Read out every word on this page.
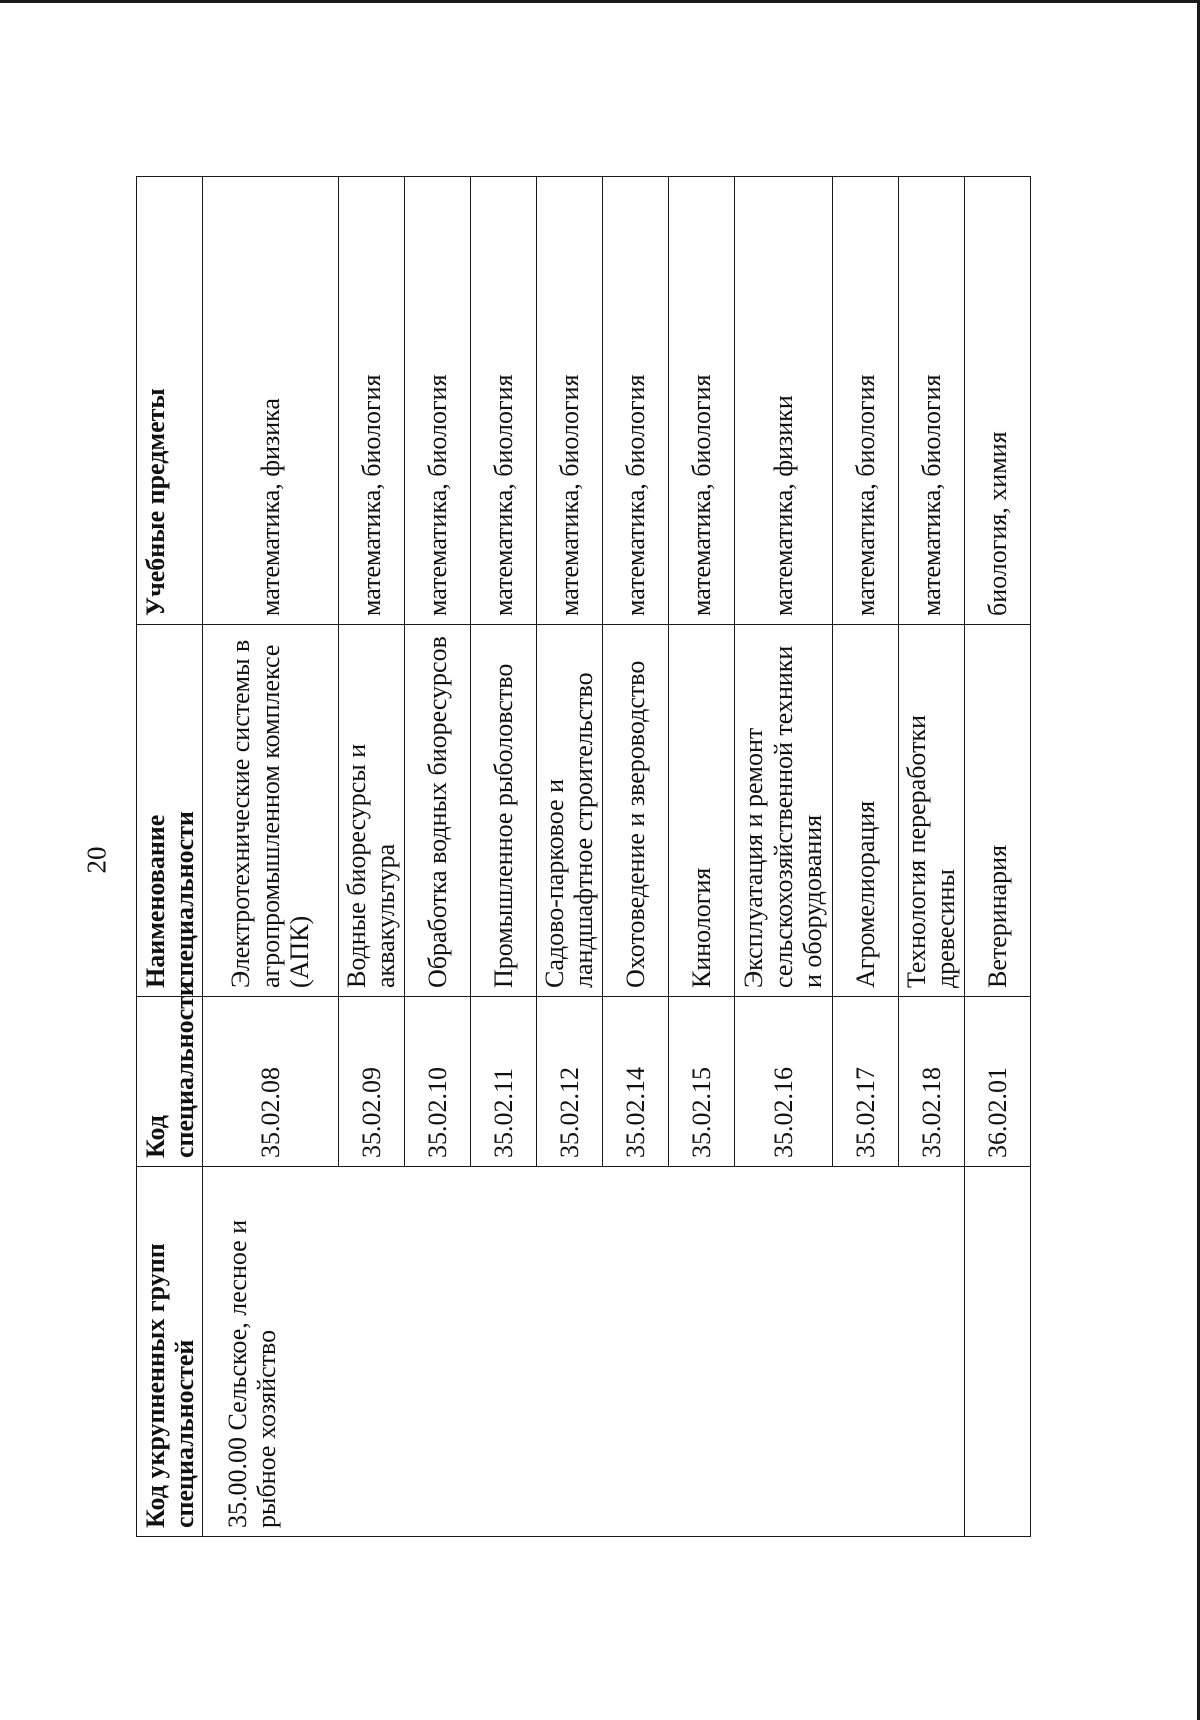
20
Код укрупненных групп специальностей	Код специальности	Наименование специальности	Учебные предметы
35.00.00 Сельское, лесное и рыбное хозяйство	35.02.08	Электротехнические системы в агропромышленном комплексе (АПК)	математика, физика
	35.02.09	Водные биоресурсы и аквакультура	математика, биология
	35.02.10	Обработка водных биоресурсов	математика, биология
	35.02.11	Промышленное рыболовство	математика, биология
	35.02.12	Садово-парковое и ландшафтное строительство	математика, биология
	35.02.14	Охотоведение и звероводство	математика, биология
	35.02.15	Кинология	математика, биология
	35.02.16	Эксплуатация и ремонт сельскохозяйственной техники и оборудования	математика, физики
	35.02.17	Агромелиорация	математика, биология
	35.02.18	Технология переработки древесины	математика, биология
	36.02.01	Ветеринария	биология, химия
